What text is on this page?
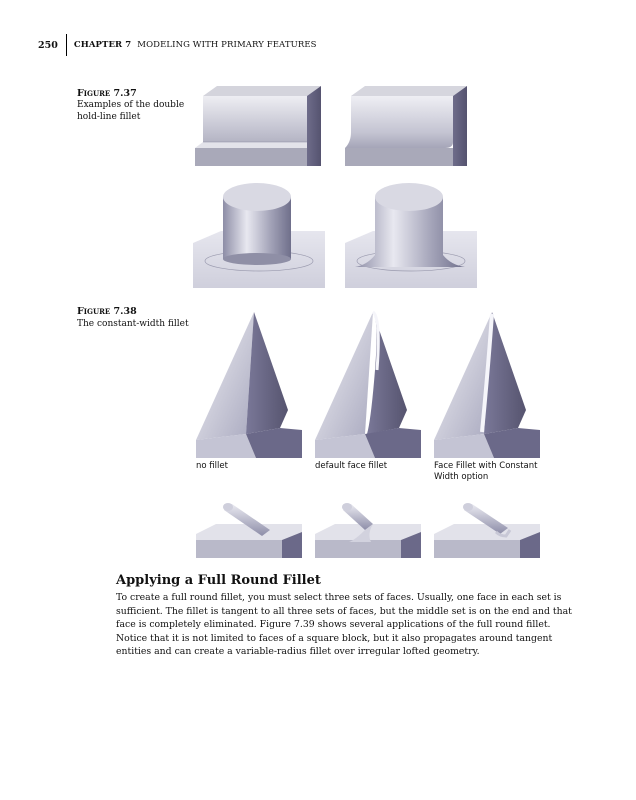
250	CHAPTER 7 MODELING WITH PRIMARY FEATURES
Figure 7.37
Examples of the double
hold-line fillet
Figure 7.38
The constant-width fillet
no fillet	default face fillet	Face Fillet with Constant
Width option
Applying a Full Round Fillet
To create a full round fillet, you must select three sets of faces. Usually, one face in each set is
sufficient. The fillet is tangent to all three sets of faces, but the middle set is on the end and that
face is completely eliminated. Figure 7.39 shows several applications of the full round fillet.
Notice that it is not limited to faces of a square block, but it also propagates around tangent
entities and can create a variable-radius fillet over irregular lofted geometry.
